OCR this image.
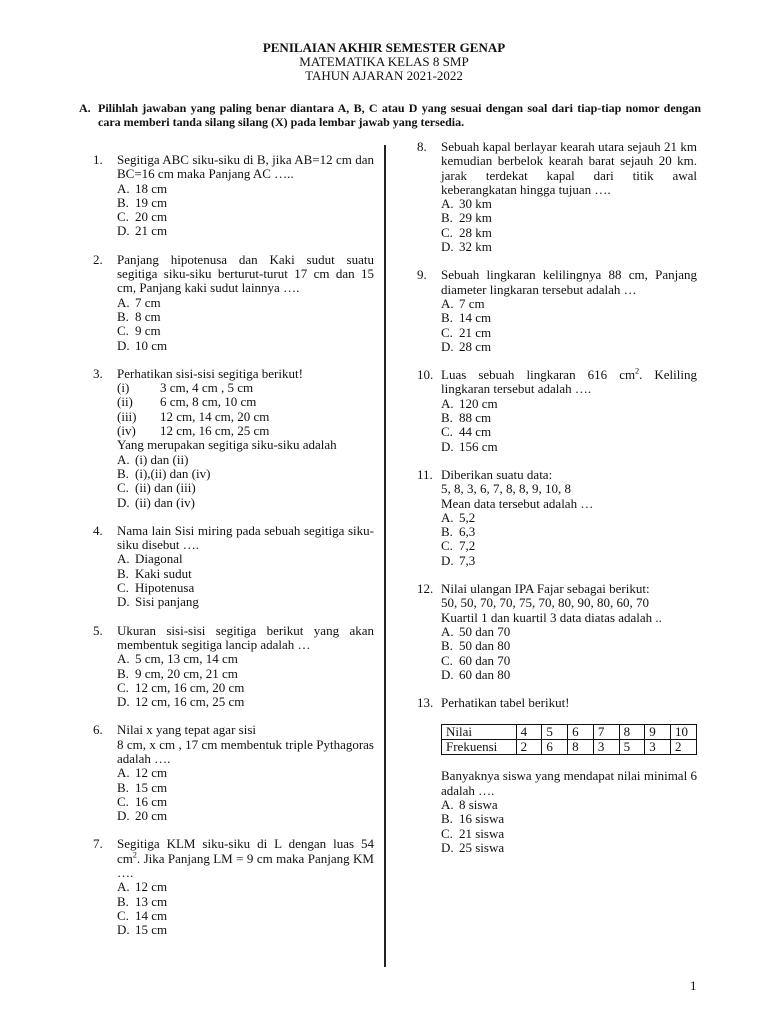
PENILAIAN AKHIR SEMESTER GENAP
MATEMATIKA KELAS 8 SMP
TAHUN AJARAN 2021-2022
A. Pilihlah jawaban yang paling benar diantara A, B, C atau D yang sesuai dengan soal dari tiap-tiap nomor dengan cara memberi tanda silang silang (X) pada lembar jawab yang tersedia.
1. Segitiga ABC siku-siku di B, jika AB=12 cm dan BC=16 cm maka Panjang AC …..
A. 18 cm
B. 19 cm
C. 20 cm
D. 21 cm
2. Panjang hipotenusa dan Kaki sudut suatu segitiga siku-siku berturut-turut 17 cm dan 15 cm, Panjang kaki sudut lainnya ….
A. 7 cm
B. 8 cm
C. 9 cm
D. 10 cm
3. Perhatikan sisi-sisi segitiga berikut!
(i)	3 cm, 4 cm , 5 cm
(ii)	6 cm, 8 cm, 10 cm
(iii)	12 cm, 14 cm, 20 cm
(iv)	12 cm, 16 cm, 25 cm
Yang merupakan segitiga siku-siku adalah
A. (i) dan (ii)
B. (i),(ii) dan (iv)
C. (ii) dan (iii)
D. (ii) dan (iv)
4. Nama lain Sisi miring pada sebuah segitiga siku-siku disebut ….
A. Diagonal
B. Kaki sudut
C. Hipotenusa
D. Sisi panjang
5. Ukuran sisi-sisi segitiga berikut yang akan membentuk segitiga lancip adalah …
A. 5 cm, 13 cm, 14 cm
B. 9 cm, 20 cm, 21 cm
C. 12 cm, 16 cm, 20 cm
D. 12 cm, 16 cm, 25 cm
6. Nilai x yang tepat agar sisi
8 cm, x cm , 17 cm membentuk triple Pythagoras adalah ….
A. 12 cm
B. 15 cm
C. 16 cm
D. 20 cm
7. Segitiga KLM siku-siku di L dengan luas 54 $cm^2$. Jika Panjang LM = 9 cm maka Panjang KM ….
A. 12 cm
B. 13 cm
C. 14 cm
D. 15 cm
8. Sebuah kapal berlayar kearah utara sejauh 21 km kemudian berbelok kearah barat sejauh 20 km. jarak terdekat kapal dari titik awal keberangkatan hingga tujuan ….
A. 30 km
B. 29 km
C. 28 km
D. 32 km
9. Sebuah lingkaran kelilingnya 88 cm, Panjang diameter lingkaran tersebut adalah …
A. 7 cm
B. 14 cm
C. 21 cm
D. 28 cm
10. Luas sebuah lingkaran 616 $cm^2$. Keliling lingkaran tersebut adalah ….
A. 120 cm
B. 88 cm
C. 44 cm
D. 156 cm
11. Diberikan suatu data:
5, 8, 3, 6, 7, 8, 8, 9, 10, 8
Mean data tersebut adalah …
A. 5,2
B. 6,3
C. 7,2
D. 7,3
12. Nilai ulangan IPA Fajar sebagai berikut:
50, 50, 70, 70, 75, 70, 80, 90, 80, 60, 70
Kuartil 1 dan kuartil 3 data diatas adalah ..
A. 50 dan 70
B. 50 dan 80
C. 60 dan 70
D. 60 dan 80
13. Perhatikan tabel berikut!
Nilai	4	5	6	7	8	9	10
Frekuensi	2	6	8	3	5	3	2
Banyaknya siswa yang mendapat nilai minimal 6 adalah ….
A. 8 siswa
B. 16 siswa
C. 21 siswa
D. 25 siswa
1
